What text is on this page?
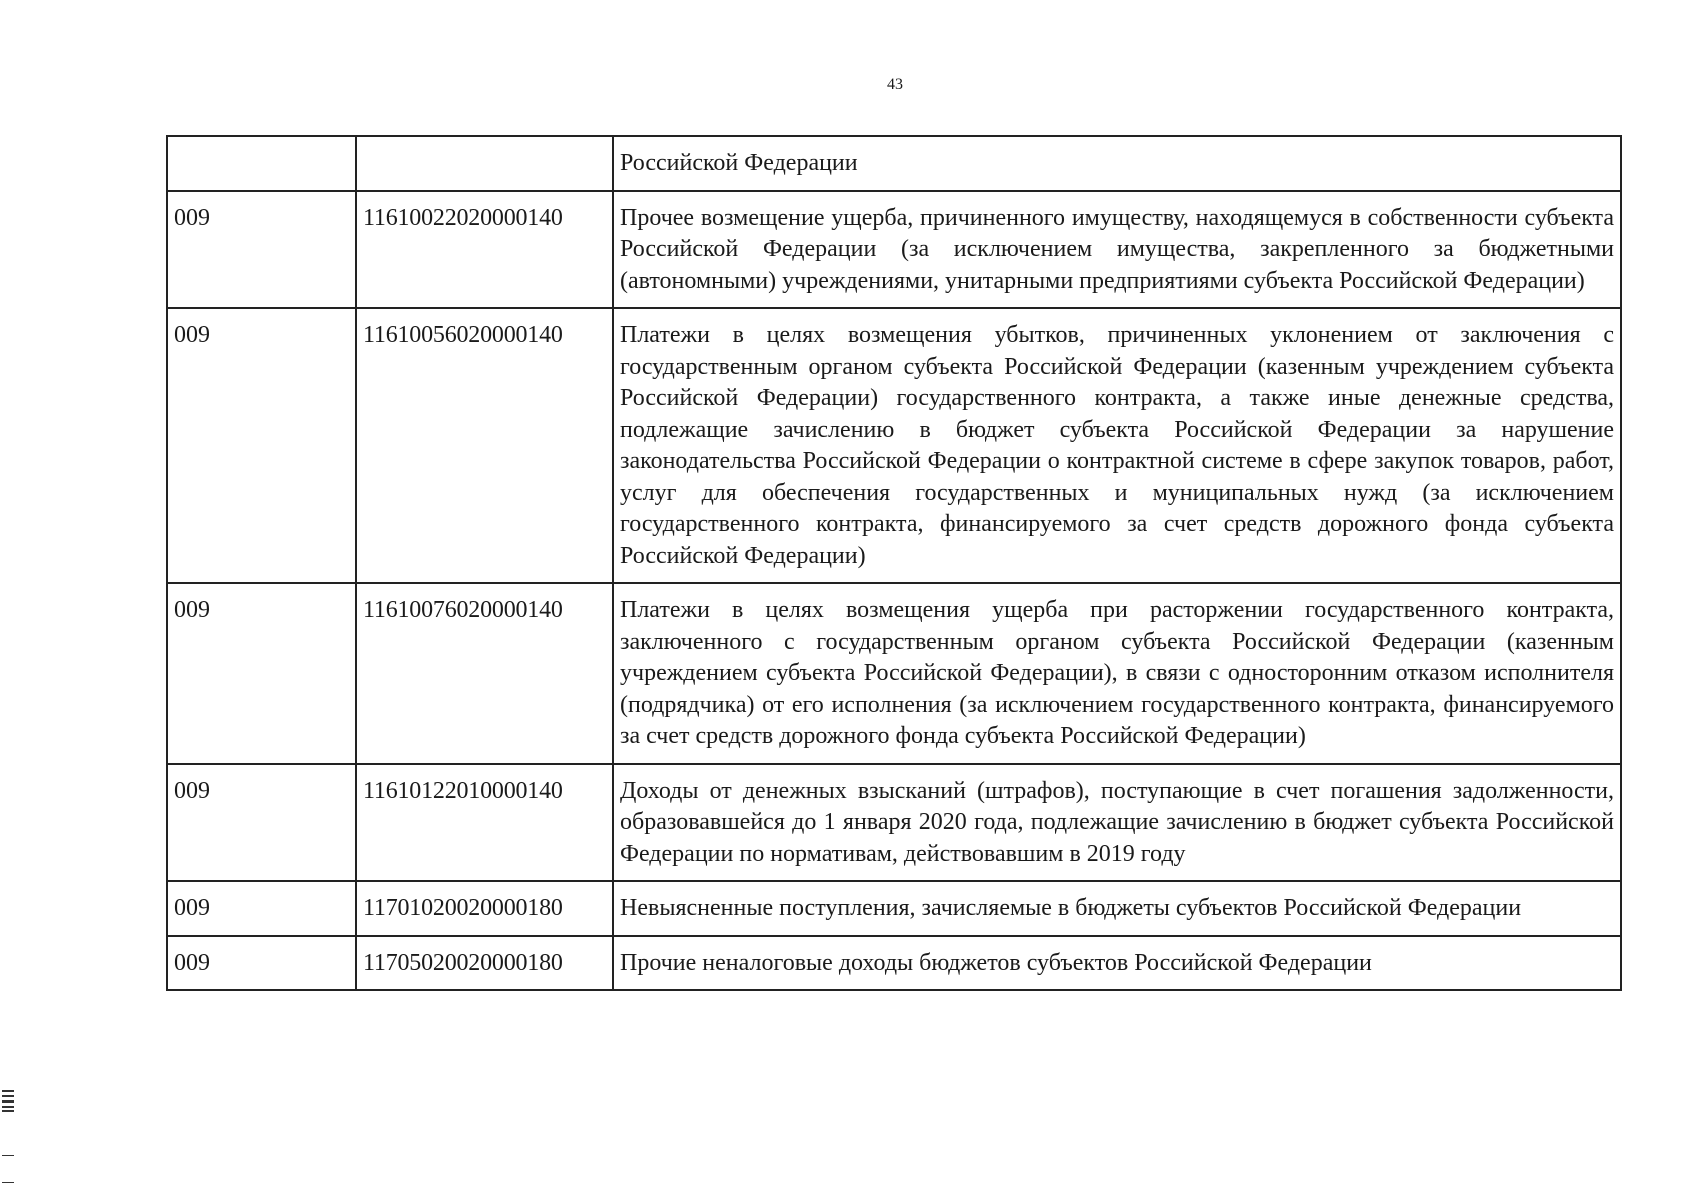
43
		Российской Федерации
009	11610022020000140	Прочее возмещение ущерба, причиненного имуществу, находящемуся в собственности субъекта Российской Федерации (за исключением имущества, закрепленного за бюджетными (автономными) учреждениями, унитарными предприятиями субъекта Российской Федерации)
009	11610056020000140	Платежи в целях возмещения убытков, причиненных уклонением от заключения с государственным органом субъекта Российской Федерации (казенным учреждением субъекта Российской Федерации) государственного контракта, а также иные денежные средства, подлежащие зачислению в бюджет субъекта Российской Федерации за нарушение законодательства Российской Федерации о контрактной системе в сфере закупок товаров, работ, услуг для обеспечения государственных и муниципальных нужд (за исключением государственного контракта, финансируемого за счет средств дорожного фонда субъекта Российской Федерации)
009	11610076020000140	Платежи в целях возмещения ущерба при расторжении государственного контракта, заключенного с государственным органом субъекта Российской Федерации (казенным учреждением субъекта Российской Федерации), в связи с односторонним отказом исполнителя (подрядчика) от его исполнения (за исключением государственного контракта, финансируемого за счет средств дорожного фонда субъекта Российской Федерации)
009	11610122010000140	Доходы от денежных взысканий (штрафов), поступающие в счет погашения задолженности, образовавшейся до 1 января 2020 года, подлежащие зачислению в бюджет субъекта Российской Федерации по нормативам, действовавшим в 2019 году
009	11701020020000180	Невыясненные поступления, зачисляемые в бюджеты субъектов Российской Федерации
009	11705020020000180	Прочие неналоговые доходы бюджетов субъектов Российской Федерации
